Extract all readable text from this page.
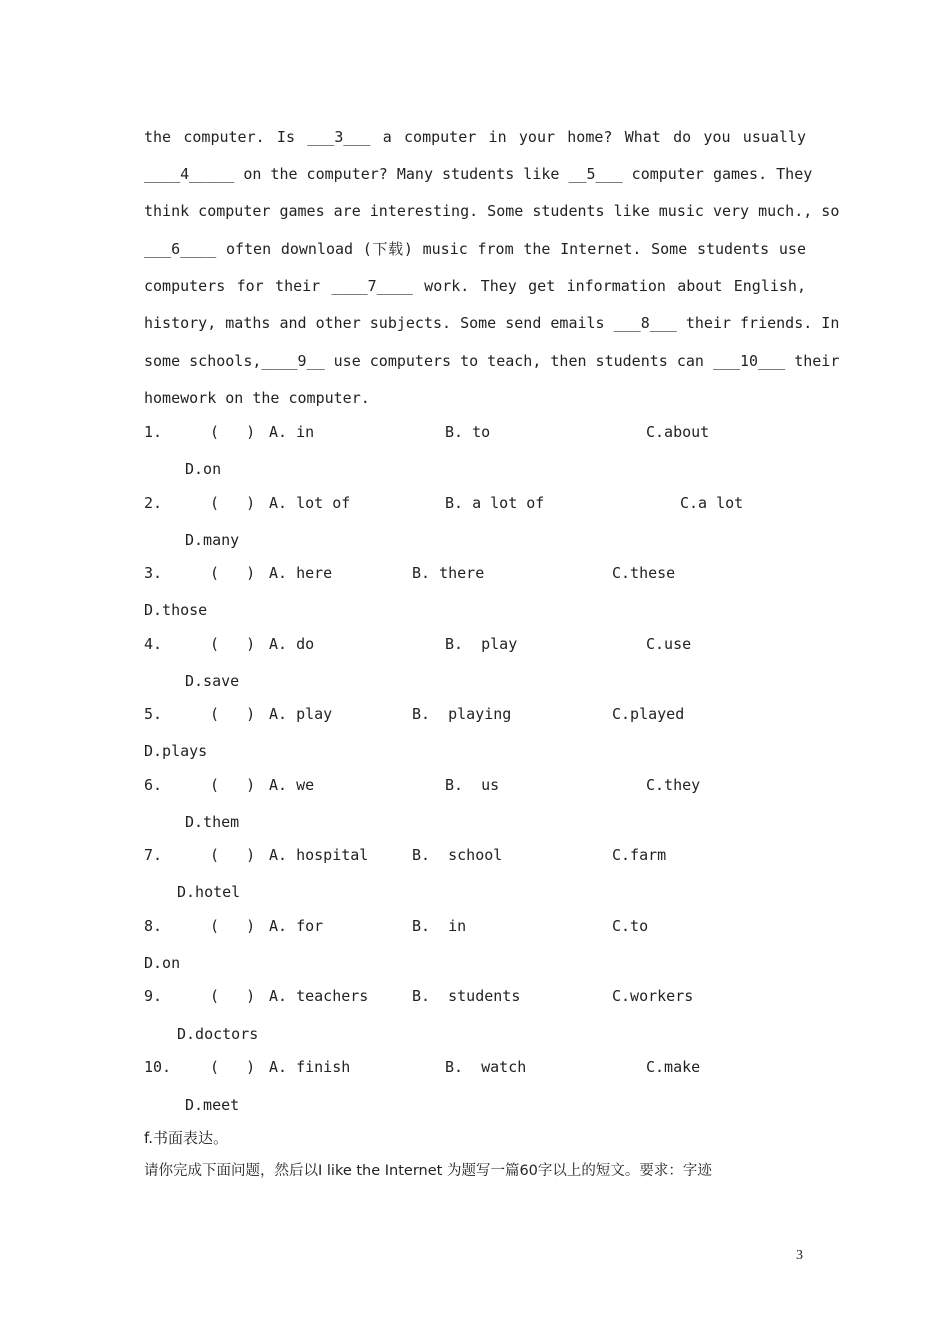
the computer. Is ___3___ a computer in your home? What do you usually
____4_____ on the computer? Many students like __5___ computer games. They
think computer games are interesting. Some students like music very much., so
___6____ often download (下载) music from the Internet. Some students use
computers for their ____7____ work. They get information about English,
history, maths and other subjects. Some send emails ___8___ their friends. In
some schools,____9__ use computers to teach, then students can ___10___ their
homework on the computer.
1.	(   ) A. in	B. to	C.about
D.on
2.	(   ) A. lot of	B. a lot of	C.a lot
D.many
3.	(   ) A. here	B. there	C.these
D.those
4.	(   ) A. do	B.  play	C.use
D.save
5.	(   ) A. play	B.  playing	C.played
D.plays
6.	(   ) A. we	B.  us	C.they
D.them
7.	(   ) A. hospital	B.  school	C.farm
D.hotel
8.	(   ) A. for	B.  in	C.to
D.on
9.	(   ) A. teachers	B.  students	C.workers
D.doctors
10.	(   ) A. finish	B.  watch	C.make
D.meet
f.书面表达。
请你完成下面问题，然后以I like the Internet 为题写一篇60字以上的短文。要求：字迹
3
